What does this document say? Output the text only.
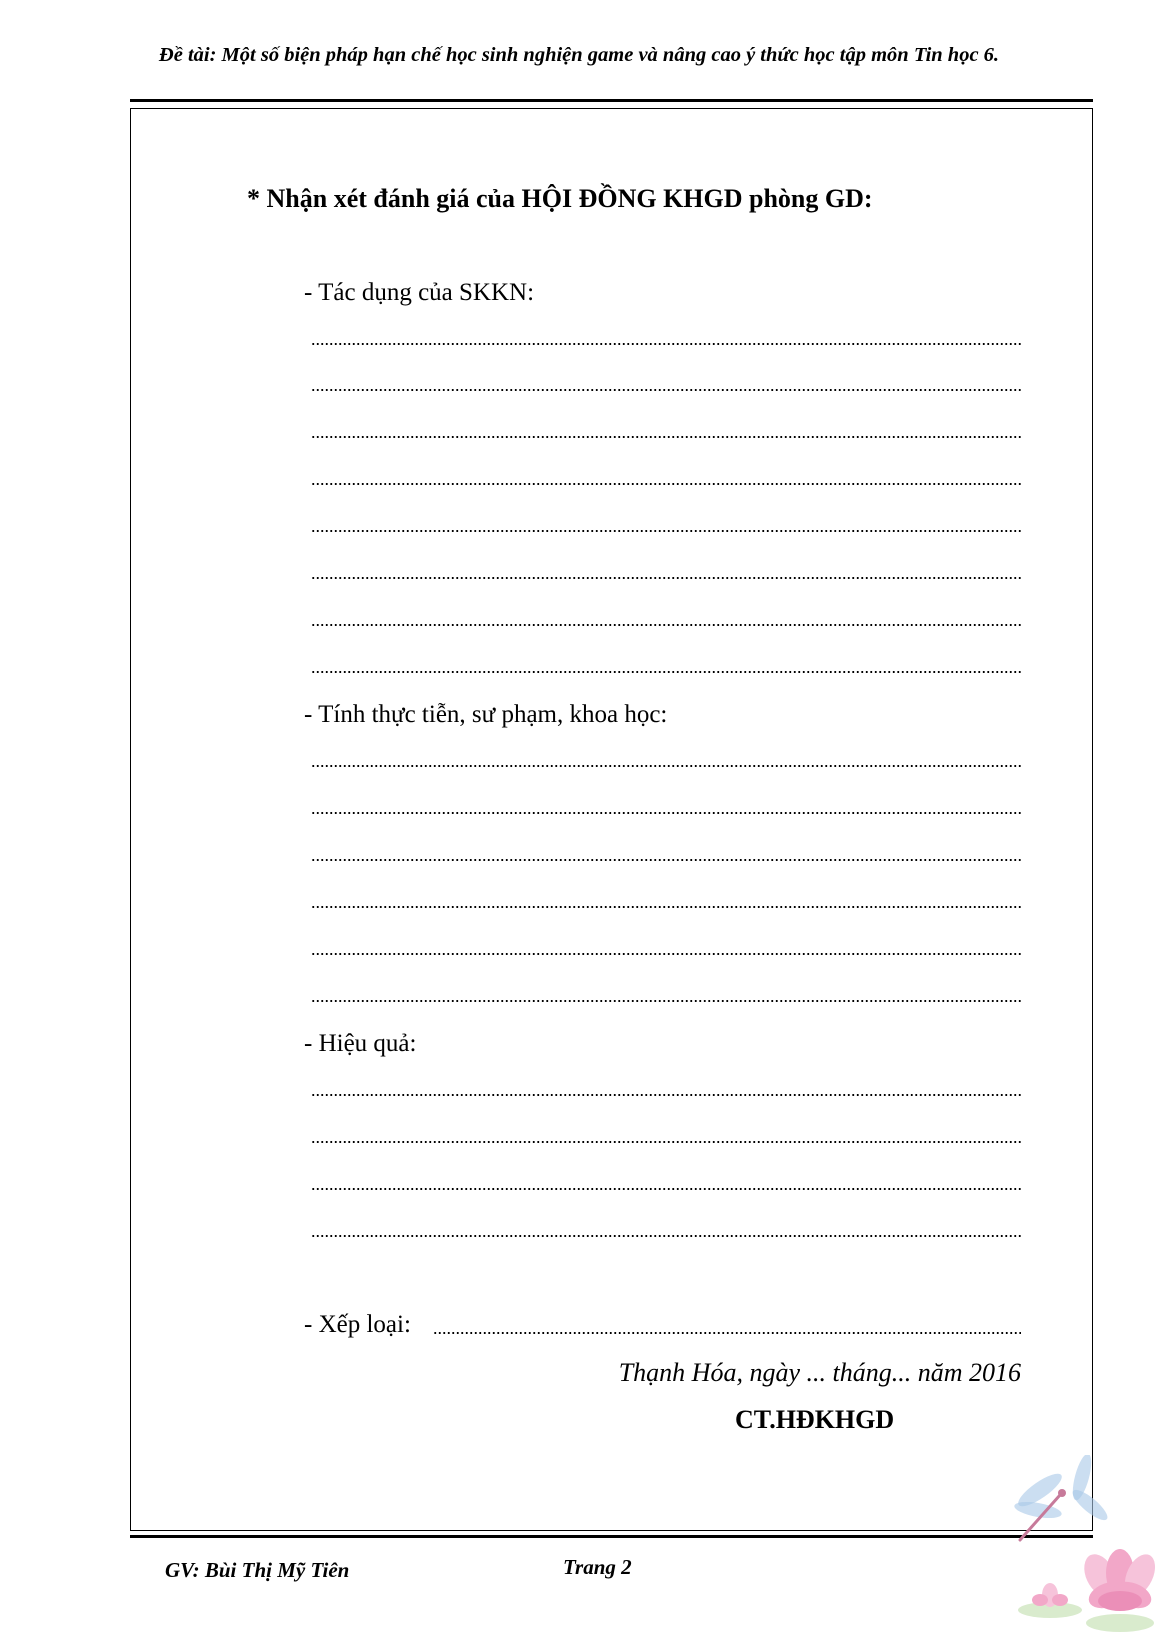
Đề tài: Một số biện pháp hạn chế học sinh nghiện game và nâng cao ý thức học tập môn Tin học 6.
* Nhận xét đánh giá của HỘI ĐỒNG KHGD phòng GD:
- Tác dụng của SKKN:
- Tính thực tiễn, sư phạm, khoa học:
- Hiệu quả:
- Xếp loại:
Thạnh Hóa, ngày ... tháng... năm 2016
CT.HĐKHGD
GV: Bùi Thị Mỹ Tiên	Trang 2
